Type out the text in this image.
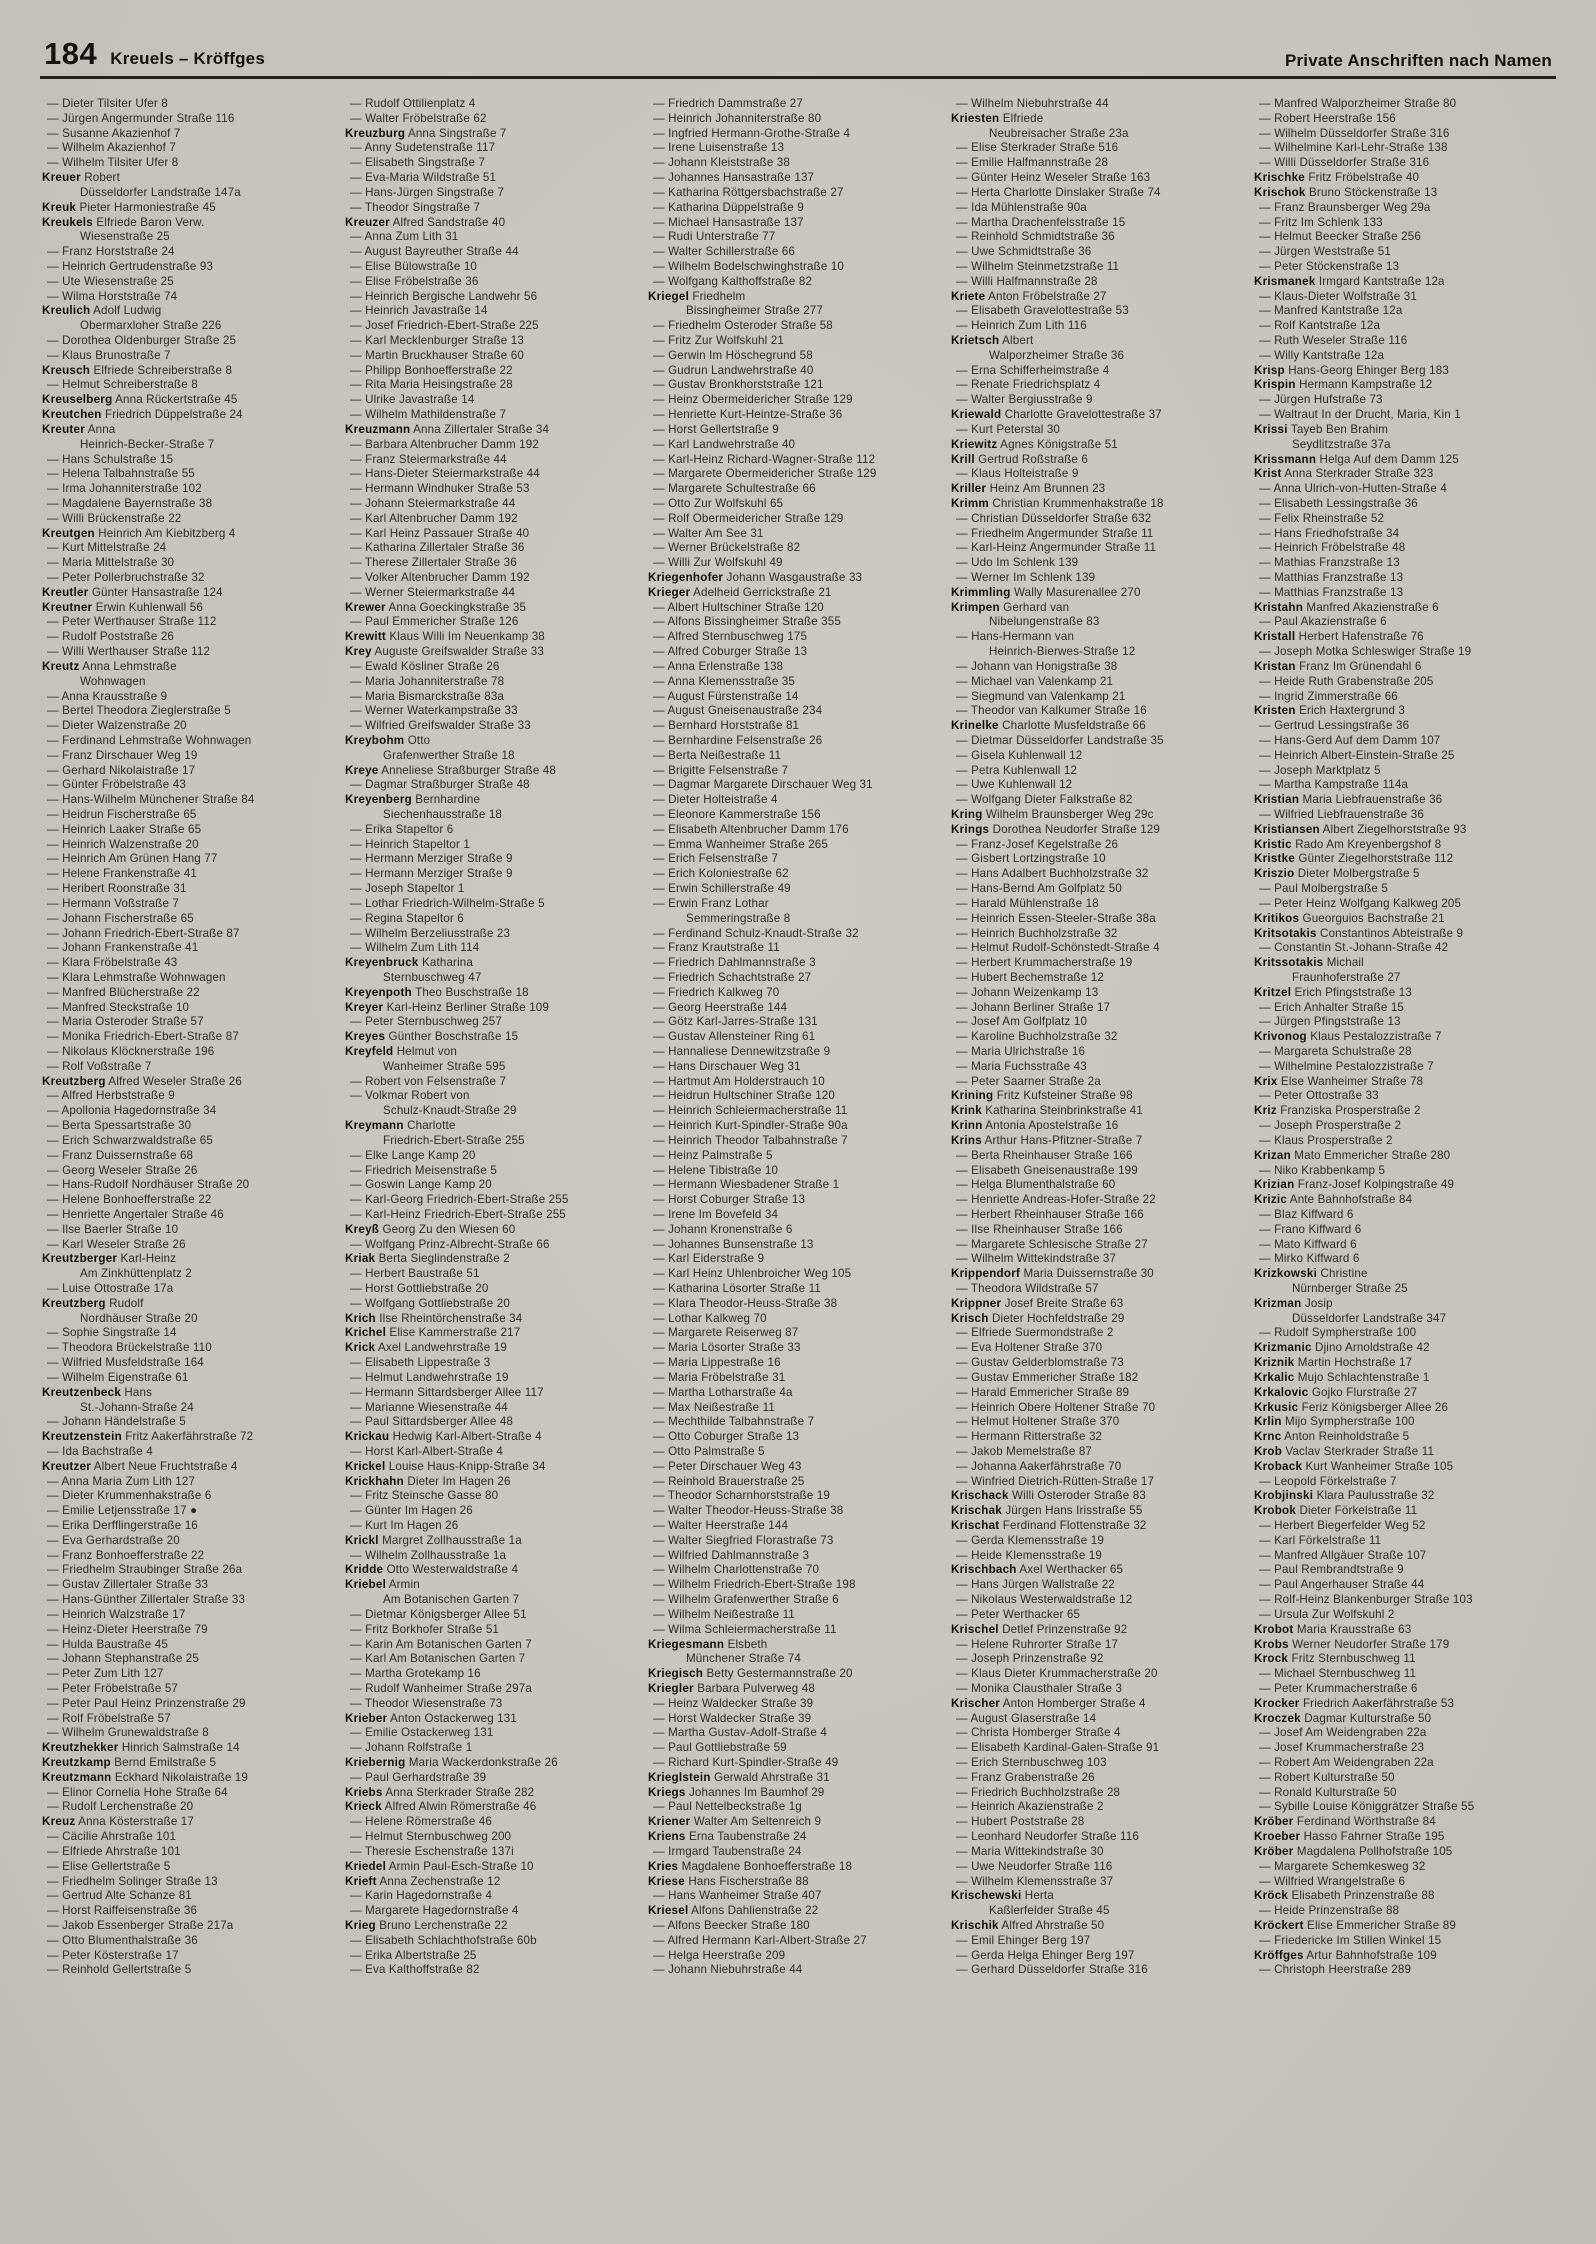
184 Kreuels – Kröffges	Private Anschriften nach Namen
— Dieter Tilsiter Ufer 8
— Jürgen Angermunder Straße 116
— Susanne Akazienhof 7
— Wilhelm Akazienhof 7
— Wilhelm Tilsiter Ufer 8
Kreuer Robert
Düsseldorfer Landstraße 147a
Kreuk Pieter Harmoniestraße 45
Kreukels Elfriede Baron Verw.
Wiesenstraße 25
— Franz Horststraße 24
— Heinrich Gertrudenstraße 93
— Ute Wiesenstraße 25
— Wilma Horststraße 74
Kreulich Adolf Ludwig
Obermarxloher Straße 226
— Dorothea Oldenburger Straße 25
— Klaus Brunostraße 7
Kreusch Elfriede Schreiberstraße 8
— Helmut Schreiberstraße 8
Kreuselberg Anna Rückertstraße 45
Kreutchen Friedrich Düppelstraße 24
Kreuter Anna
Heinrich-Becker-Straße 7
— Hans Schulstraße 15
— Helena Talbahnstraße 55
— Irma Johanniterstraße 102
— Magdalene Bayernstraße 38
— Willi Brückenstraße 22
Kreutgen Heinrich Am Kiebitzberg 4
— Kurt Mittelstraße 24
— Maria Mittelstraße 30
— Peter Pollerbruchstraße 32
Kreutler Günter Hansastraße 124
Kreutner Erwin Kuhlenwall 56
— Peter Werthauser Straße 112
— Rudolf Poststraße 26
— Willi Werthauser Straße 112
Kreutz Anna Lehmstraße
Wohnwagen
— Anna Krausstraße 9
— Bertel Theodora Zieglerstraße 5
— Dieter Walzenstraße 20
— Ferdinand Lehmstraße Wohnwagen
— Franz Dirschauer Weg 19
— Gerhard Nikolaistraße 17
— Günter Fröbelstraße 43
— Hans-Wilhelm Münchener Straße 84
— Heidrun Fischerstraße 65
— Heinrich Laaker Straße 65
— Heinrich Walzenstraße 20
— Heinrich Am Grünen Hang 77
— Helene Frankenstraße 41
— Heribert Roonstraße 31
— Hermann Voßstraße 7
— Johann Fischerstraße 65
— Johann Friedrich-Ebert-Straße 87
— Johann Frankenstraße 41
— Klara Fröbelstraße 43
— Klara Lehmstraße Wohnwagen
— Manfred Blücherstraße 22
— Manfred Steckstraße 10
— Maria Osteroder Straße 57
— Monika Friedrich-Ebert-Straße 87
— Nikolaus Klöcknerstraße 196
— Rolf Voßstraße 7
Kreutzberg Alfred Weseler Straße 26
— Alfred Herbststraße 9
— Apollonia Hagedornstraße 34
— Berta Spessartstraße 30
— Erich Schwarzwaldstraße 65
— Franz Duissernstraße 68
— Georg Weseler Straße 26
— Hans-Rudolf Nordhäuser Straße 20
— Helene Bonhoefferstraße 22
— Henriette Angertaler Straße 46
— Ilse Baerler Straße 10
— Karl Weseler Straße 26
Kreutzberger Karl-Heinz
Am Zinkhüttenplatz 2
— Luise Ottostraße 17a
Kreutzberg Rudolf
Nordhäuser Straße 20
— Sophie Singstraße 14
— Theodora Brückelstraße 110
— Wilfried Musfeldstraße 164
— Wilhelm Eigenstraße 61
Kreutzenbeck Hans
St.-Johann-Straße 24
— Johann Händelstraße 5
Kreutzenstein Fritz Aakerfährstraße 72
— Ida Bachstraße 4
Kreutzer Albert Neue Fruchtstraße 4
— Anna Maria Zum Lith 127
— Dieter Krummenhakstraße 6
— Emilie Letjensstraße 17 ●
— Erika Derfflingerstraße 16
— Eva Gerhardstraße 20
— Franz Bonhoefferstraße 22
— Friedhelm Straubinger Straße 26a
— Gustav Zillertaler Straße 33
— Hans-Günther Zillertaler Straße 33
— Heinrich Walzstraße 17
— Heinz-Dieter Heerstraße 79
— Hulda Baustraße 45
— Johann Stephanstraße 25
— Peter Zum Lith 127
— Peter Fröbelstraße 57
— Peter Paul Heinz Prinzenstraße 29
— Rolf Fröbelstraße 57
— Wilhelm Grunewaldstraße 8
Kreutzhekker Hinrich Salmstraße 14
Kreutzkamp Bernd Emilstraße 5
Kreutzmann Eckhard Nikolaistraße 19
— Elinor Cornelia Hohe Straße 64
— Rudolf Lerchenstraße 20
Kreuz Anna Kösterstraße 17
— Cäcilie Ahrstraße 101
— Elfriede Ahrstraße 101
— Elise Gellertstraße 5
— Friedhelm Solinger Straße 13
— Gertrud Alte Schanze 81
— Horst Raiffeisenstraße 36
— Jakob Essenberger Straße 217a
— Otto Blumenthalstraße 36
— Peter Kösterstraße 17
— Reinhold Gellertstraße 5
— Rudolf Ottilienplatz 4
— Walter Fröbelstraße 62
Kreuzburg Anna Singstraße 7
— Anny Sudetenstraße 117
— Elisabeth Singstraße 7
— Eva-Maria Wildstraße 51
— Hans-Jürgen Singstraße 7
— Theodor Singstraße 7
Kreuzer Alfred Sandstraße 40
— Anna Zum Lith 31
— August Bayreuther Straße 44
— Elise Bülowstraße 10
— Elise Fröbelstraße 36
— Heinrich Bergische Landwehr 56
— Heinrich Javastraße 14
— Josef Friedrich-Ebert-Straße 225
— Karl Mecklenburger Straße 13
— Martin Bruckhauser Straße 60
— Philipp Bonhoefferstraße 22
— Rita Maria Heisingstraße 28
— Ulrike Javastraße 14
— Wilhelm Mathildenstraße 7
Kreuzmann Anna Zillertaler Straße 34
— Barbara Altenbrucher Damm 192
— Franz Steiermarkstraße 44
— Hans-Dieter Steiermarkstraße 44
— Hermann Windhuker Straße 53
— Johann Steiermarkstraße 44
— Karl Altenbrucher Damm 192
— Karl Heinz Passauer Straße 40
— Katharina Zillertaler Straße 36
— Therese Zillertaler Straße 36
— Volker Altenbrucher Damm 192
— Werner Steiermarkstraße 44
Krewer Anna Goeckingkstraße 35
— Paul Emmericher Straße 126
Krewitt Klaus Willi Im Neuenkamp 38
Krey Auguste Greifswalder Straße 33
— Ewald Kösliner Straße 26
— Maria Johanniterstraße 78
— Maria Bismarckstraße 83a
— Werner Waterkampstraße 33
— Wilfried Greifswalder Straße 33
Kreybohm Otto
Grafenwerther Straße 18
Kreye Anneliese Straßburger Straße 48
— Dagmar Straßburger Straße 48
Kreyenberg Bernhardine
Siechenhausstraße 18
— Erika Stapeltor 6
— Heinrich Stapeltor 1
— Hermann Merziger Straße 9
— Hermann Merziger Straße 9
— Joseph Stapeltor 1
— Lothar Friedrich-Wilhelm-Straße 5
— Regina Stapeltor 6
— Wilhelm Berzeliusstraße 23
— Wilhelm Zum Lith 114
Kreyenbruck Katharina
Sternbuschweg 47
Kreyenpoth Theo Buschstraße 18
Kreyer Karl-Heinz Berliner Straße 109
— Peter Sternbuschweg 257
Kreyes Günther Boschstraße 15
Kreyfeld Helmut von
Wanheimer Straße 595
— Robert von Felsenstraße 7
— Volkmar Robert von
Schulz-Knaudt-Straße 29
Kreymann Charlotte
Friedrich-Ebert-Straße 255
— Elke Lange Kamp 20
— Friedrich Meisenstraße 5
— Goswin Lange Kamp 20
— Karl-Georg Friedrich-Ebert-Straße 255
— Karl-Heinz Friedrich-Ebert-Straße 255
Kreyß Georg Zu den Wiesen 60
— Wolfgang Prinz-Albrecht-Straße 66
Kriak Berta Sieglindenstraße 2
— Herbert Baustraße 51
— Horst Gottliebstraße 20
— Wolfgang Gottliebstraße 20
Krich Ilse Rheintörchenstraße 34
Krichel Elise Kammerstraße 217
Krick Axel Landwehrstraße 19
— Elisabeth Lippestraße 3
— Helmut Landwehrstraße 19
— Hermann Sittardsberger Allee 117
— Marianne Wiesenstraße 44
— Paul Sittardsberger Allee 48
Krickau Hedwig Karl-Albert-Straße 4
— Horst Karl-Albert-Straße 4
Krickel Louise Haus-Knipp-Straße 34
Krickhahn Dieter Im Hagen 26
— Fritz Steinsche Gasse 80
— Günter Im Hagen 26
— Kurt Im Hagen 26
Krickl Margret Zollhausstraße 1a
— Wilhelm Zollhausstraße 1a
Kridde Otto Westerwaldstraße 4
Kriebel Armin
Am Botanischen Garten 7
— Dietmar Königsberger Allee 51
— Fritz Borkhofer Straße 51
— Karin Am Botanischen Garten 7
— Karl Am Botanischen Garten 7
— Martha Grotekamp 16
— Rudolf Wanheimer Straße 297a
— Theodor Wiesenstraße 73
Krieber Anton Ostackerweg 131
— Emilie Ostackerweg 131
— Johann Rolfstraße 1
Kriebernig Maria Wackerdonkstraße 26
— Paul Gerhardstraße 39
Kriebs Anna Sterkrader Straße 282
Krieck Alfred Alwin Römerstraße 46
— Helene Römerstraße 46
— Helmut Sternbuschweg 200
— Theresie Eschenstraße 137i
Kriedel Armin Paul-Esch-Straße 10
Krieft Anna Zechenstraße 12
— Karin Hagedornstraße 4
— Margarete Hagedornstraße 4
Krieg Bruno Lerchenstraße 22
— Elisabeth Schlachthofstraße 60b
— Erika Albertstraße 25
— Eva Kalthoffstraße 82
— Friedrich Dammstraße 27
— Heinrich Johanniterstraße 80
— Ingfried Hermann-Grothe-Straße 4
— Irene Luisenstraße 13
— Johann Kleiststraße 38
— Johannes Hansastraße 137
— Katharina Röttgersbachstraße 27
— Katharina Düppelstraße 9
— Michael Hansastraße 137
— Rudi Unterstraße 77
— Walter Schillerstraße 66
— Wilhelm Bodelschwinghstraße 10
— Wolfgang Kalthoffstraße 82
Kriegel Friedhelm
Bissingheimer Straße 277
— Friedhelm Osteroder Straße 58
— Fritz Zur Wolfskuhl 21
— Gerwin Im Höschegrund 58
— Gudrun Landwehrstraße 40
— Gustav Bronkhorststraße 121
— Heinz Obermeidericher Straße 129
— Henriette Kurt-Heintze-Straße 36
— Horst Gellertstraße 9
— Karl Landwehrstraße 40
— Karl-Heinz Richard-Wagner-Straße 112
— Margarete Obermeidericher Straße 129
— Margarete Schultestraße 66
— Otto Zur Wolfskuhl 65
— Rolf Obermeidericher Straße 129
— Walter Am See 31
— Werner Brückelstraße 82
— Willi Zur Wolfskuhl 49
Kriegenhofer Johann Wasgaustraße 33
Krieger Adelheid Gerrickstraße 21
— Albert Hultschiner Straße 120
— Alfons Bissingheimer Straße 355
— Alfred Sternbuschweg 175
— Alfred Coburger Straße 13
— Anna Erlenstraße 138
— Anna Klemensstraße 35
— August Fürstenstraße 14
— August Gneisenaustraße 234
— Bernhard Horststraße 81
— Bernhardine Felsenstraße 26
— Berta Neißestraße 11
— Brigitte Felsenstraße 7
— Dagmar Margarete Dirschauer Weg 31
— Dieter Holteistraße 4
— Eleonore Kammerstraße 156
— Elisabeth Altenbrucher Damm 176
— Emma Wanheimer Straße 265
— Erich Felsenstraße 7
— Erich Koloniestraße 62
— Erwin Schillerstraße 49
— Erwin Franz Lothar
Semmeringstraße 8
— Ferdinand Schulz-Knaudt-Straße 32
— Franz Krautstraße 11
— Friedrich Dahlmannstraße 3
— Friedrich Schachtstraße 27
— Friedrich Kalkweg 70
— Georg Heerstraße 144
— Götz Karl-Jarres-Straße 131
— Gustav Allensteiner Ring 61
— Hannaliese Dennewitzstraße 9
— Hans Dirschauer Weg 31
— Hartmut Am Holderstrauch 10
— Heidrun Hultschiner Straße 120
— Heinrich Schleiermacherstraße 11
— Heinrich Kurt-Spindler-Straße 90a
— Heinrich Theodor Talbahnstraße 7
— Heinz Palmstraße 5
— Helene Tibistraße 10
— Hermann Wiesbadener Straße 1
— Horst Coburger Straße 13
— Irene Im Bovefeld 34
— Johann Kronenstraße 6
— Johannes Bunsenstraße 13
— Karl Eiderstraße 9
— Karl Heinz Uhlenbroicher Weg 105
— Katharina Lösorter Straße 11
— Klara Theodor-Heuss-Straße 38
— Lothar Kalkweg 70
— Margarete Reiserweg 87
— Maria Lösorter Straße 33
— Maria Lippestraße 16
— Maria Fröbelstraße 31
— Martha Lotharstraße 4a
— Max Neißestraße 11
— Mechthilde Talbahnstraße 7
— Otto Coburger Straße 13
— Otto Palmstraße 5
— Peter Dirschauer Weg 43
— Reinhold Brauerstraße 25
— Theodor Scharnhorststraße 19
— Walter Theodor-Heuss-Straße 38
— Walter Heerstraße 144
— Walter Siegfried Florastraße 73
— Wilfried Dahlmannstraße 3
— Wilhelm Charlottenstraße 70
— Wilhelm Friedrich-Ebert-Straße 198
— Wilhelm Grafenwerther Straße 6
— Wilhelm Neißestraße 11
— Wilma Schleiermacherstraße 11
Kriegesmann Elsbeth
Münchener Straße 74
Kriegisch Betty Gestermannstraße 20
Kriegler Barbara Pulverweg 48
— Heinz Waldecker Straße 39
— Horst Waldecker Straße 39
— Martha Gustav-Adolf-Straße 4
— Paul Gottliebstraße 59
— Richard Kurt-Spindler-Straße 49
Krieglstein Gerwald Ahrstraße 31
Kriegs Johannes Im Baumhof 29
— Paul Nettelbeckstraße 1g
Kriener Walter Am Seltenreich 9
Kriens Erna Taubenstraße 24
— Irmgard Taubenstraße 24
Kries Magdalene Bonhoefferstraße 18
Kriese Hans Fischerstraße 88
— Hans Wanheimer Straße 407
Kriesel Alfons Dahlienstraße 22
— Alfons Beecker Straße 180
— Alfred Hermann Karl-Albert-Straße 27
— Helga Heerstraße 209
— Johann Niebuhrstraße 44
— Wilhelm Niebuhrstraße 44
Kriesten Elfriede
Neubreisacher Straße 23a
— Elise Sterkrader Straße 516
— Emilie Halfmannstraße 28
— Günter Heinz Weseler Straße 163
— Herta Charlotte Dinslaker Straße 74
— Ida Mühlenstraße 90a
— Martha Drachenfelsstraße 15
— Reinhold Schmidtstraße 36
— Uwe Schmidtstraße 36
— Wilhelm Steinmetzstraße 11
— Willi Halfmannstraße 28
Kriete Anton Fröbelstraße 27
— Elisabeth Gravelottestraße 53
— Heinrich Zum Lith 116
Krietsch Albert
Walporzheimer Straße 36
— Erna Schifferheimstraße 4
— Renate Friedrichsplatz 4
— Walter Bergiusstraße 9
Kriewald Charlotte Gravelottestraße 37
— Kurt Peterstal 30
Kriewitz Agnes Königstraße 51
Krill Gertrud Roßstraße 6
— Klaus Holteistraße 9
Kriller Heinz Am Brunnen 23
Krimm Christian Krummenhakstraße 18
— Christian Düsseldorfer Straße 632
— Friedhelm Angermunder Straße 11
— Karl-Heinz Angermunder Straße 11
— Udo Im Schlenk 139
— Werner Im Schlenk 139
Krimmling Wally Masurenallee 270
Krimpen Gerhard van
Nibelungenstraße 83
— Hans-Hermann van
Heinrich-Bierwes-Straße 12
— Johann van Honigstraße 38
— Michael van Valenkamp 21
— Siegmund van Valenkamp 21
— Theodor van Kalkumer Straße 16
Krinelke Charlotte Musfeldstraße 66
— Dietmar Düsseldorfer Landstraße 35
— Gisela Kuhlenwall 12
— Petra Kuhlenwall 12
— Uwe Kuhlenwall 12
— Wolfgang Dieter Falkstraße 82
Kring Wilhelm Braunsberger Weg 29c
Krings Dorothea Neudorfer Straße 129
— Franz-Josef Kegelstraße 26
— Gisbert Lortzingstraße 10
— Hans Adalbert Buchholzstraße 32
— Hans-Bernd Am Golfplatz 50
— Harald Mühlenstraße 18
— Heinrich Essen-Steeler-Straße 38a
— Heinrich Buchholzstraße 32
— Helmut Rudolf-Schönstedt-Straße 4
— Herbert Krummacherstraße 19
— Hubert Bechemstraße 12
— Johann Weizenkamp 13
— Johann Berliner Straße 17
— Josef Am Golfplatz 10
— Karoline Buchholzstraße 32
— Maria Ulrichstraße 16
— Maria Fuchsstraße 43
— Peter Saarner Straße 2a
Krining Fritz Kufsteiner Straße 98
Krink Katharina Steinbrinkstraße 41
Krinn Antonia Apostelstraße 16
Krins Arthur Hans-Pfitzner-Straße 7
— Berta Rheinhauser Straße 166
— Elisabeth Gneisenaustraße 199
— Helga Blumenthalstraße 60
— Henriette Andreas-Hofer-Straße 22
— Herbert Rheinhauser Straße 166
— Ilse Rheinhauser Straße 166
— Margarete Schlesische Straße 27
— Wilhelm Wittekindstraße 37
Krippendorf Maria Duissernstraße 30
— Theodora Wildstraße 57
Krippner Josef Breite Straße 63
Krisch Dieter Hochfeldstraße 29
— Elfriede Suermondstraße 2
— Eva Holtener Straße 370
— Gustav Gelderblomstraße 73
— Gustav Emmericher Straße 182
— Harald Emmericher Straße 89
— Heinrich Obere Holtener Straße 70
— Helmut Holtener Straße 370
— Hermann Ritterstraße 32
— Jakob Memelstraße 87
— Johanna Aakerfährstraße 70
— Winfried Dietrich-Rütten-Straße 17
Krischack Willi Osteroder Straße 83
Krischak Jürgen Hans Irisstraße 55
Krischat Ferdinand Flottenstraße 32
— Gerda Klemensstraße 19
— Heide Klemensstraße 19
Krischbach Axel Werthacker 65
— Hans Jürgen Wallstraße 22
— Nikolaus Westerwaldstraße 12
— Peter Werthacker 65
Krischel Detlef Prinzenstraße 92
— Helene Ruhrorter Straße 17
— Joseph Prinzenstraße 92
— Klaus Dieter Krummacherstraße 20
— Monika Clausthaler Straße 3
Krischer Anton Homberger Straße 4
— August Glaserstraße 14
— Christa Homberger Straße 4
— Elisabeth Kardinal-Galen-Straße 91
— Erich Sternbuschweg 103
— Franz Grabenstraße 26
— Friedrich Buchholzstraße 28
— Heinrich Akazienstraße 2
— Hubert Poststraße 28
— Leonhard Neudorfer Straße 116
— Maria Wittekindstraße 30
— Uwe Neudorfer Straße 116
— Wilhelm Klemensstraße 37
Krischewski Herta
Kaßlerfelder Straße 45
Krischik Alfred Ahrstraße 50
— Emil Ehinger Berg 197
— Gerda Helga Ehinger Berg 197
— Gerhard Düsseldorfer Straße 316
— Manfred Walporzheimer Straße 80
— Robert Heerstraße 156
— Wilhelm Düsseldorfer Straße 316
— Wilhelmine Karl-Lehr-Straße 138
— Willi Düsseldorfer Straße 316
Krischke Fritz Fröbelstraße 40
Krischok Bruno Stöckenstraße 13
— Franz Braunsberger Weg 29a
— Fritz Im Schlenk 133
— Helmut Beecker Straße 256
— Jürgen Weststraße 51
— Peter Stöckenstraße 13
Krismanek Irmgard Kantstraße 12a
— Klaus-Dieter Wolfstraße 31
— Manfred Kantstraße 12a
— Rolf Kantstraße 12a
— Ruth Weseler Straße 116
— Willy Kantstraße 12a
Krisp Hans-Georg Ehinger Berg 183
Krispin Hermann Kampstraße 12
— Jürgen Hufstraße 73
— Waltraut In der Drucht, Maria, Kin 1
Krissi Tayeb Ben Brahim
Seydlitzstraße 37a
Krissmann Helga Auf dem Damm 125
Krist Anna Sterkrader Straße 323
— Anna Ulrich-von-Hutten-Straße 4
— Elisabeth Lessingstraße 36
— Felix Rheinstraße 52
— Hans Friedhofstraße 34
— Heinrich Fröbelstraße 48
— Mathias Franzstraße 13
— Matthias Franzstraße 13
— Matthias Franzstraße 13
Kristahn Manfred Akazienstraße 6
— Paul Akazienstraße 6
Kristall Herbert Hafenstraße 76
— Joseph Motka Schleswiger Straße 19
Kristan Franz Im Grünendahl 6
— Heide Ruth Grabenstraße 205
— Ingrid Zimmerstraße 66
Kristen Erich Haxtergrund 3
— Gertrud Lessingstraße 36
— Hans-Gerd Auf dem Damm 107
— Heinrich Albert-Einstein-Straße 25
— Joseph Marktplatz 5
— Martha Kampstraße 114a
Kristian Maria Liebfrauenstraße 36
— Wilfried Liebfrauenstraße 36
Kristiansen Albert Ziegelhorststraße 93
Kristic Rado Am Kreyenbergshof 8
Kristke Günter Ziegelhorststraße 112
Kriszio Dieter Molbergstraße 5
— Paul Molbergstraße 5
— Peter Heinz Wolfgang Kalkweg 205
Kritikos Gueorguios Bachstraße 21
Kritsotakis Constantinos Abteistraße 9
— Constantin St.-Johann-Straße 42
Kritssotakis Michail
Fraunhoferstraße 27
Kritzel Erich Pfingststraße 13
— Erich Anhalter Straße 15
— Jürgen Pfingststraße 13
Krivonog Klaus Pestalozzistraße 7
— Margareta Schulstraße 28
— Wilhelmine Pestalozzistraße 7
Krix Else Wanheimer Straße 78
— Peter Ottostraße 33
Kriz Franziska Prosperstraße 2
— Joseph Prosperstraße 2
— Klaus Prosperstraße 2
Krizan Mato Emmericher Straße 280
— Niko Krabbenkamp 5
Krizian Franz-Josef Kolpingstraße 49
Krizic Ante Bahnhofstraße 84
— Blaz Kiffward 6
— Frano Kiffward 6
— Mato Kiffward 6
— Mirko Kiffward 6
Krizkowski Christine
Nürnberger Straße 25
Krizman Josip
Düsseldorfer Landstraße 347
— Rudolf Sympherstraße 100
Krizmanic Djino Arnoldstraße 42
Kriznik Martin Hochstraße 17
Krkalic Mujo Schlachtenstraße 1
Krkalovic Gojko Flurstraße 27
Krkusic Feriz Königsberger Allee 26
Krlin Mijo Sympherstraße 100
Krnc Anton Reinholdstraße 5
Krob Vaclav Sterkrader Straße 11
Kroback Kurt Wanheimer Straße 105
— Leopold Förkelstraße 7
Krobjinski Klara Paulusstraße 32
Krobok Dieter Förkelstraße 11
— Herbert Biegerfelder Weg 52
— Karl Förkelstraße 11
— Manfred Allgäuer Straße 107
— Paul Rembrandtstraße 9
— Paul Angerhauser Straße 44
— Rolf-Heinz Blankenburger Straße 103
— Ursula Zur Wolfskuhl 2
Krobot Maria Krausstraße 63
Krobs Werner Neudorfer Straße 179
Krock Fritz Sternbuschweg 11
— Michael Sternbuschweg 11
— Peter Krummacherstraße 6
Krocker Friedrich Aakerfährstraße 53
Kroczek Dagmar Kulturstraße 50
— Josef Am Weidengraben 22a
— Josef Krummacherstraße 23
— Robert Am Weidengraben 22a
— Robert Kulturstraße 50
— Ronald Kulturstraße 50
— Sybille Louise Königgrätzer Straße 55
Kröber Ferdinand Wörthstraße 84
Kroeber Hasso Fahrner Straße 195
Kröber Magdalena Pollhofstraße 105
— Margarete Schemkesweg 32
— Wilfried Wrangelstraße 6
Kröck Elisabeth Prinzenstraße 88
— Heide Prinzenstraße 88
Kröckert Elise Emmericher Straße 89
— Friedericke Im Stillen Winkel 15
Kröffges Artur Bahnhofstraße 109
— Christoph Heerstraße 289
